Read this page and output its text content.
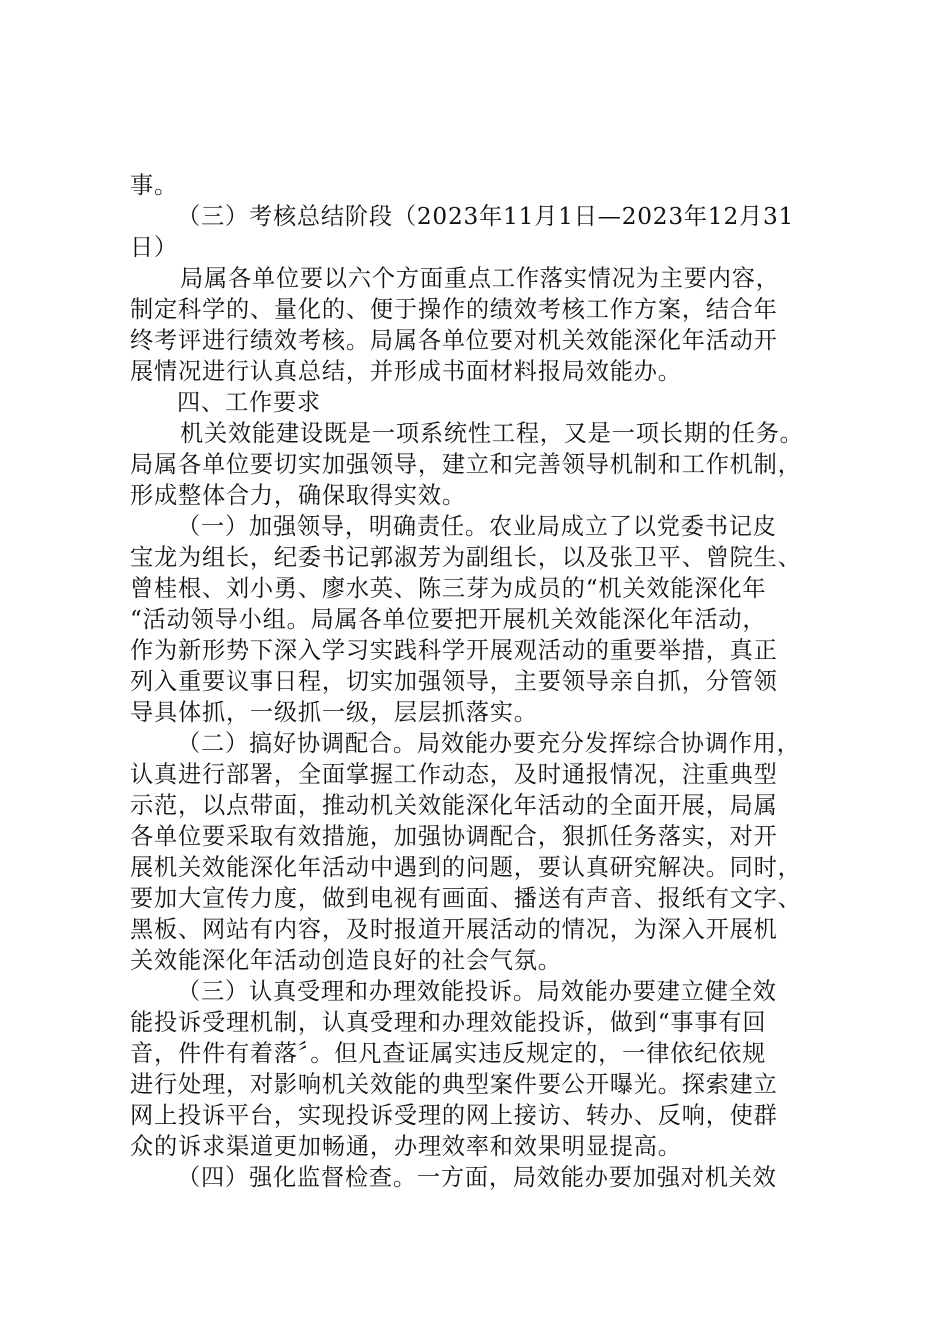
事。
（三）考核总结阶段（2023年11月1日—2023年12月31
日）
局属各单位要以六个方面重点工作落实情况为主要内容，
制定科学的、量化的、便于操作的绩效考核工作方案，结合年
终考评进行绩效考核。局属各单位要对机关效能深化年活动开
展情况进行认真总结，并形成书面材料报局效能办。
四、工作要求
机关效能建设既是一项系统性工程，又是一项长期的任务。
局属各单位要切实加强领导，建立和完善领导机制和工作机制，
形成整体合力，确保取得实效。
（一）加强领导，明确责任。农业局成立了以党委书记皮
宝龙为组长，纪委书记郭淑芳为副组长，以及张卫平、曾院生、
曾桂根、刘小勇、廖水英、陈三芽为成员的“机关效能深化年
“活动领导小组。局属各单位要把开展机关效能深化年活动，
作为新形势下深入学习实践科学开展观活动的重要举措，真正
列入重要议事日程，切实加强领导，主要领导亲自抓，分管领
导具体抓，一级抓一级，层层抓落实。
（二）搞好协调配合。局效能办要充分发挥综合协调作用，
认真进行部署，全面掌握工作动态，及时通报情况，注重典型
示范，以点带面，推动机关效能深化年活动的全面开展，局属
各单位要采取有效措施，加强协调配合，狠抓任务落实，对开
展机关效能深化年活动中遇到的问题，要认真研究解决。同时，
要加大宣传力度，做到电视有画面、播送有声音、报纸有文字、
黑板、网站有内容，及时报道开展活动的情况，为深入开展机
关效能深化年活动创造良好的社会气氛。
（三）认真受理和办理效能投诉。局效能办要建立健全效
能投诉受理机制，认真受理和办理效能投诉，做到“事事有回
音，件件有着落〞。但凡查证属实违反规定的，一律依纪依规
进行处理，对影响机关效能的典型案件要公开曝光。探索建立
网上投诉平台，实现投诉受理的网上接访、转办、反响，使群
众的诉求渠道更加畅通，办理效率和效果明显提高。
（四）强化监督检查。一方面，局效能办要加强对机关效
